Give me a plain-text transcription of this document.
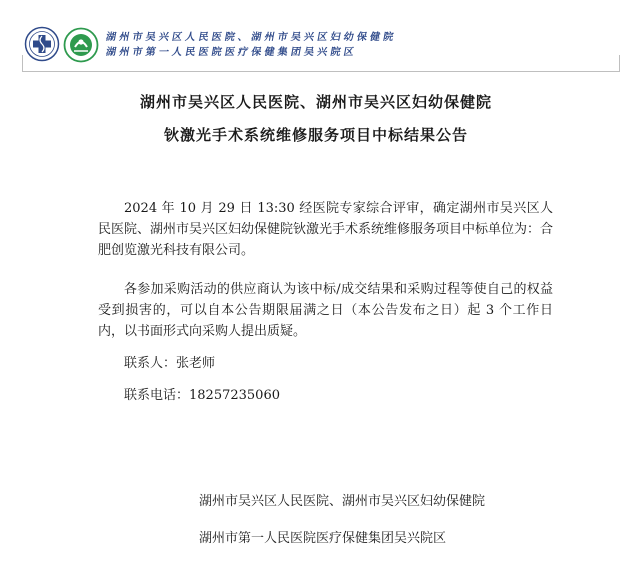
湖州市吴兴区人民医院、湖州市吴兴区妇幼保健院
湖州市第一人民医院医疗保健集团吴兴院区
湖州市吴兴区人民医院、湖州市吴兴区妇幼保健院
钬激光手术系统维修服务项目中标结果公告

2024 年 10 月 29 日 13:30 经医院专家综合评审，确定湖州市吴兴区人民医院、湖州市吴兴区妇幼保健院钬激光手术系统维修服务项目中标单位为：合肥创览激光科技有限公司。

各参加采购活动的供应商认为该中标/成交结果和采购过程等使自己的权益受到损害的，可以自本公告期限届满之日（本公告发布之日）起 3 个工作日内，以书面形式向采购人提出质疑。

联系人：张老师
联系电话：18257235060
湖州市吴兴区人民医院、湖州市吴兴区妇幼保健院
湖州市第一人民医院医疗保健集团吴兴院区
